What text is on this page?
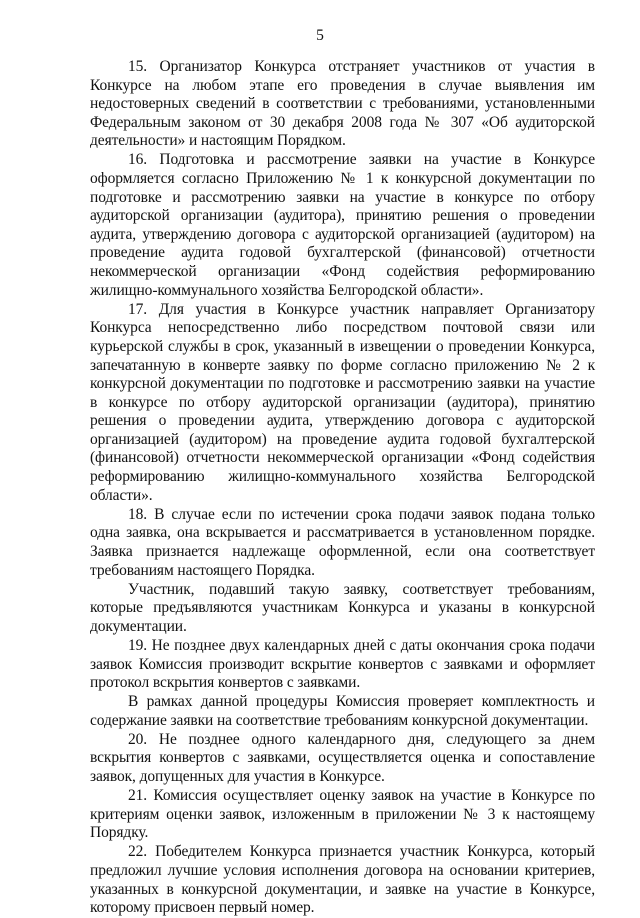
5

15. Организатор Конкурса отстраняет участников от участия в Конкурсе на любом этапе его проведения в случае выявления им недостоверных сведений в соответствии с требованиями, установленными Федеральным законом от 30 декабря 2008 года № 307 «Об аудиторской деятельности» и настоящим Порядком.

16. Подготовка и рассмотрение заявки на участие в Конкурсе оформляется согласно Приложению № 1 к конкурсной документации по подготовке и рассмотрению заявки на участие в конкурсе по отбору аудиторской организации (аудитора), принятию решения о проведении аудита, утверждению договора с аудиторской организацией (аудитором) на проведение аудита годовой бухгалтерской (финансовой) отчетности некоммерческой организации «Фонд содействия реформированию жилищно-коммунального хозяйства Белгородской области».

17. Для участия в Конкурсе участник направляет Организатору Конкурса непосредственно либо посредством почтовой связи или курьерской службы в срок, указанный в извещении о проведении Конкурса, запечатанную в конверте заявку по форме согласно приложению № 2 к конкурсной документации по подготовке и рассмотрению заявки на участие в конкурсе по отбору аудиторской организации (аудитора), принятию решения о проведении аудита, утверждению договора с аудиторской организацией (аудитором) на проведение аудита годовой бухгалтерской (финансовой) отчетности некоммерческой организации «Фонд содействия реформированию жилищно-коммунального хозяйства Белгородской области».

18. В случае если по истечении срока подачи заявок подана только одна заявка, она вскрывается и рассматривается в установленном порядке. Заявка признается надлежаще оформленной, если она соответствует требованиям настоящего Порядка.

Участник, подавший такую заявку, соответствует требованиям, которые предъявляются участникам Конкурса и указаны в конкурсной документации.

19. Не позднее двух календарных дней с даты окончания срока подачи заявок Комиссия производит вскрытие конвертов с заявками и оформляет протокол вскрытия конвертов с заявками.

В рамках данной процедуры Комиссия проверяет комплектность и содержание заявки на соответствие требованиям конкурсной документации.

20. Не позднее одного календарного дня, следующего за днем вскрытия конвертов с заявками, осуществляется оценка и сопоставление заявок, допущенных для участия в Конкурсе.

21. Комиссия осуществляет оценку заявок на участие в Конкурсе по критериям оценки заявок, изложенным в приложении № 3 к настоящему Порядку.

22. Победителем Конкурса признается участник Конкурса, который предложил лучшие условия исполнения договора на основании критериев, указанных в конкурсной документации, и заявке на участие в Конкурсе, которому присвоен первый номер.
